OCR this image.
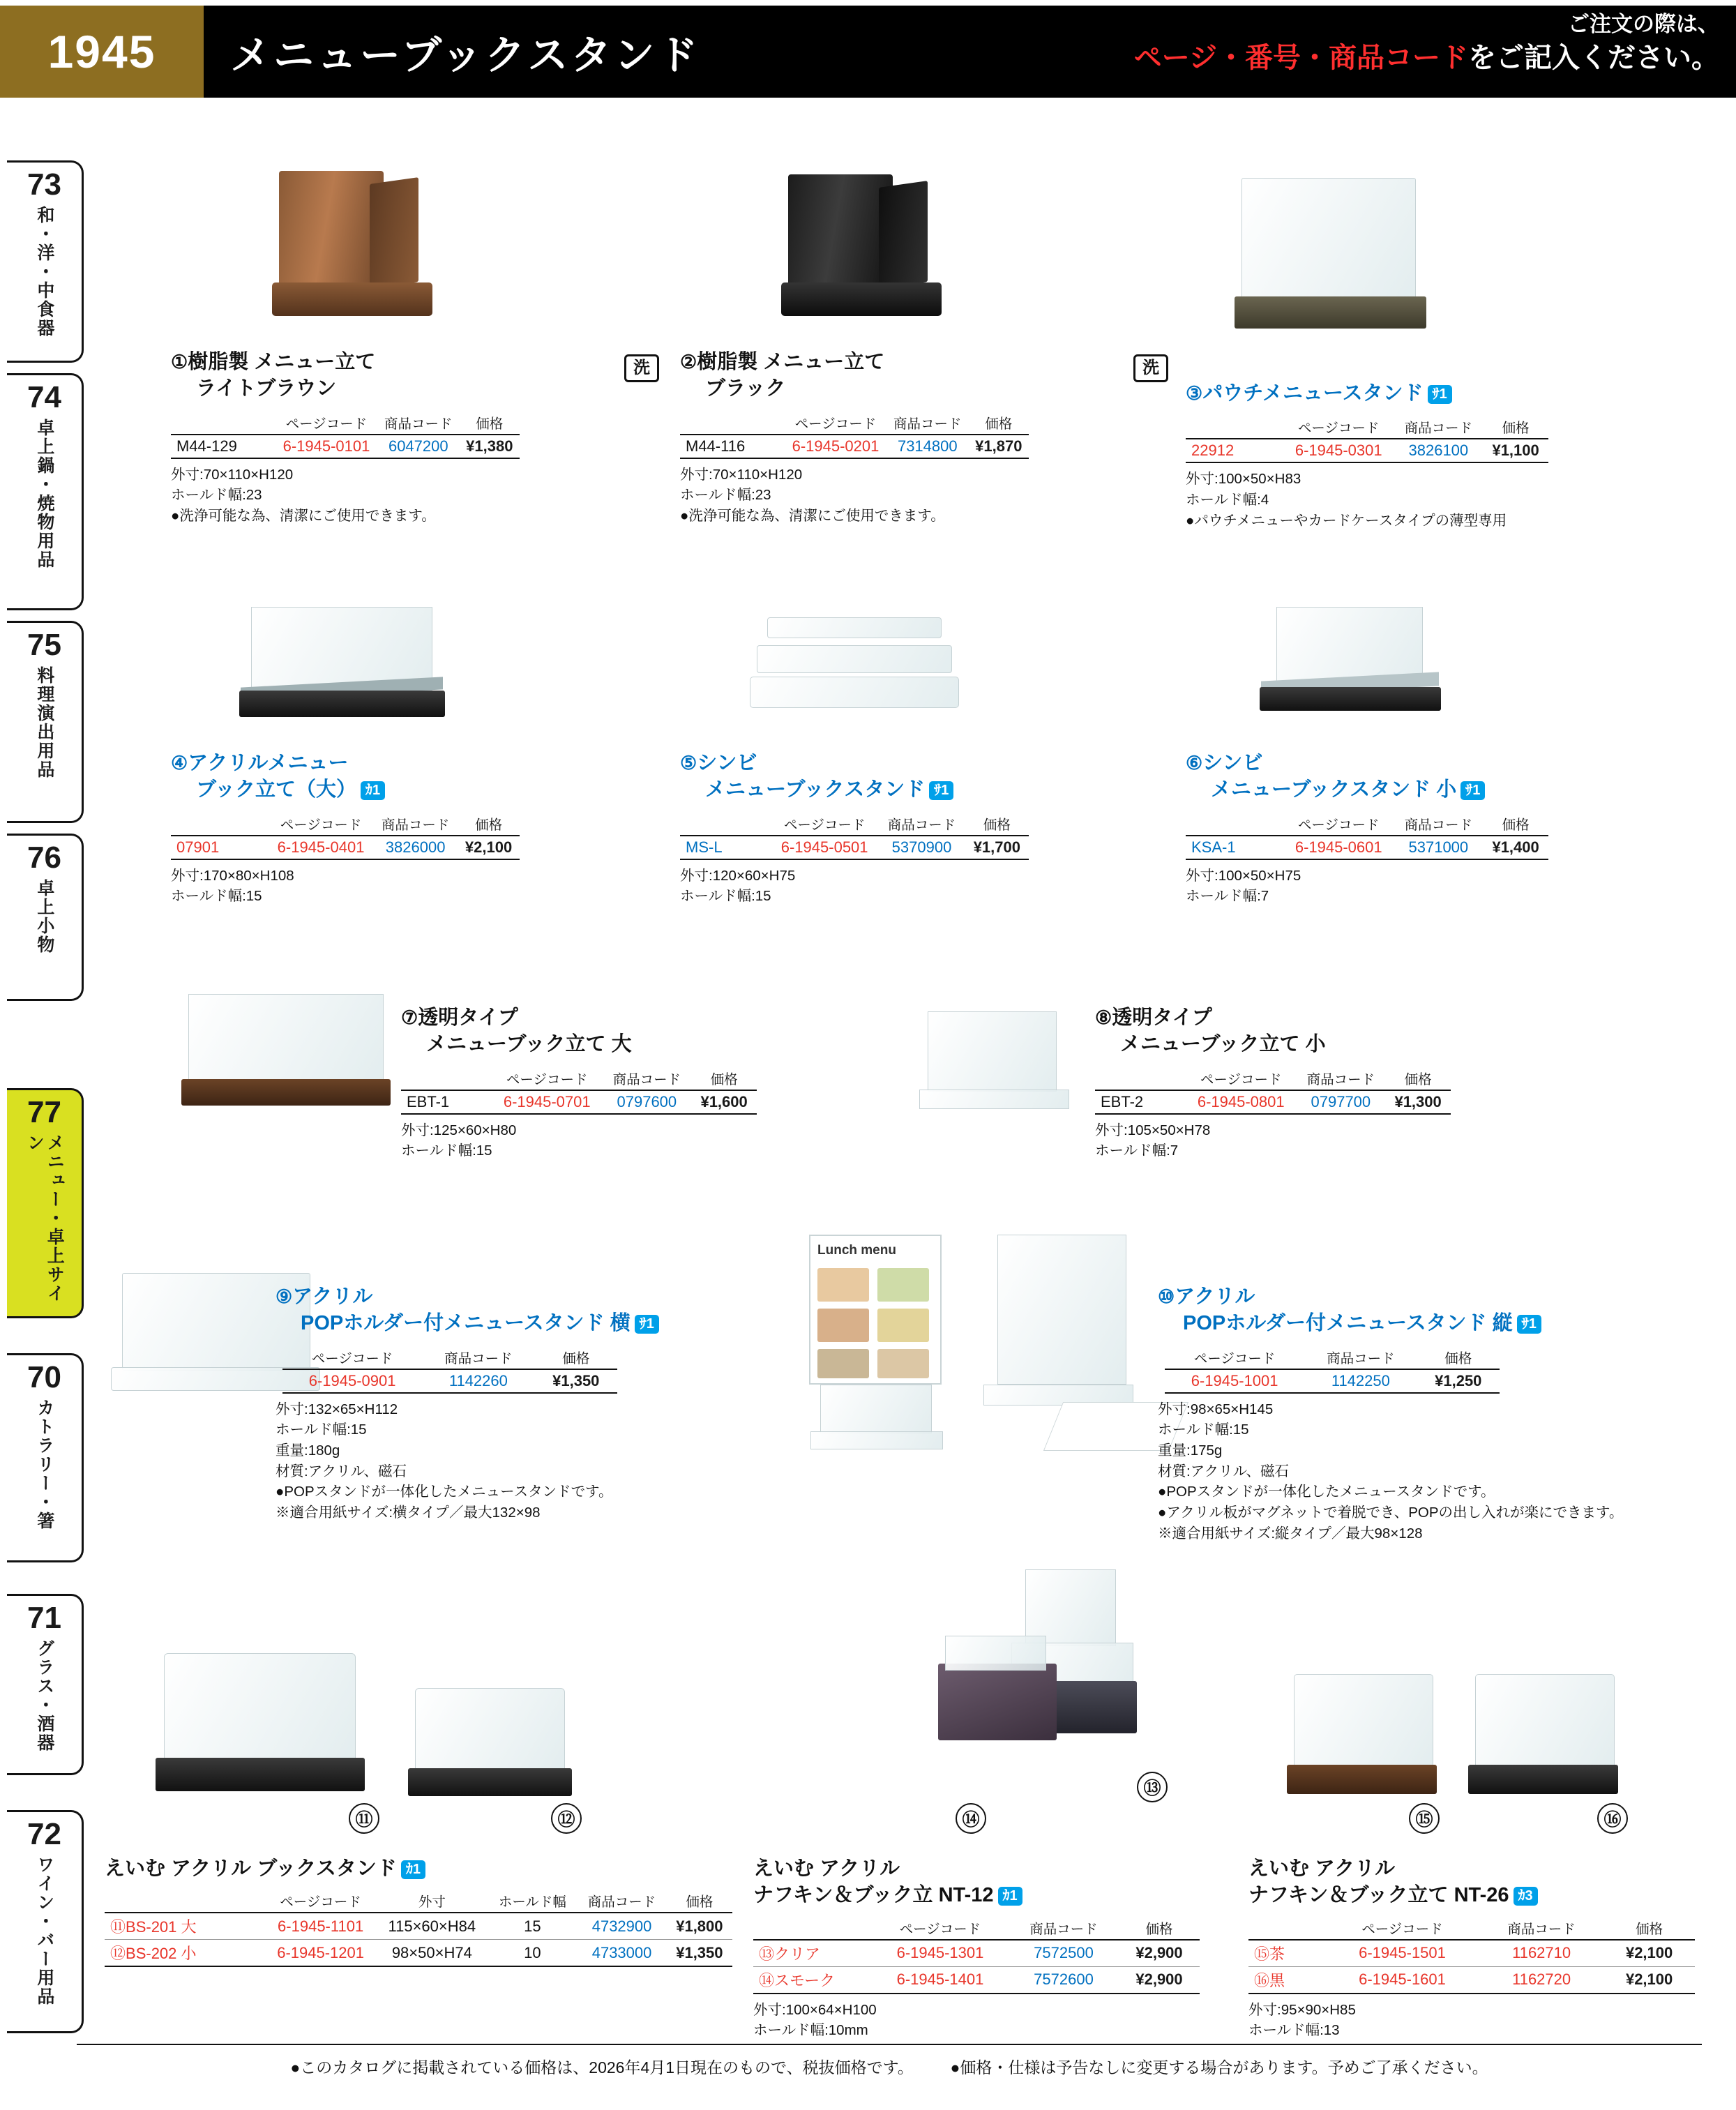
1945	メニューブックスタンド
ご注文の際は、
ページ・番号・商品コードをご記入ください。
73
和・洋・中食器
74
卓上鍋・焼物用品
75
料理演出用品
76
卓上小物
77
メニュー・卓上サイン
70
カトラリー・箸
71
グラス・酒器
72
ワイン・バー用品
①樹脂製 メニュー立て	洗
ライトブラウン
	ページコード	商品コード	価格
M44-129	6-1945-0101	6047200	¥1,380
外寸:70×110×H120
ホールド幅:23
●洗浄可能な為、清潔にご使用できます。
②樹脂製 メニュー立て	洗
ブラック
	ページコード	商品コード	価格
M44-116	6-1945-0201	7314800	¥1,870
外寸:70×110×H120
ホールド幅:23
●洗浄可能な為、清潔にご使用できます。
③パウチメニュースタンド ｻ1
	ページコード	商品コード	価格
22912	6-1945-0301	3826100	¥1,100
外寸:100×50×H83
ホールド幅:4
●パウチメニューやカードケースタイプの薄型専用
④アクリルメニュー
ブック立て（大） ｶ1
	ページコード	商品コード	価格
07901	6-1945-0401	3826000	¥2,100
外寸:170×80×H108
ホールド幅:15
⑤シンビ
メニューブックスタンド ｻ1
	ページコード	商品コード	価格
MS-L	6-1945-0501	5370900	¥1,700
外寸:120×60×H75
ホールド幅:15
⑥シンビ
メニューブックスタンド 小 ｻ1
	ページコード	商品コード	価格
KSA-1	6-1945-0601	5371000	¥1,400
外寸:100×50×H75
ホールド幅:7
⑦透明タイプ
メニューブック立て 大
	ページコード	商品コード	価格
EBT-1	6-1945-0701	0797600	¥1,600
外寸:125×60×H80
ホールド幅:15
⑧透明タイプ
メニューブック立て 小
	ページコード	商品コード	価格
EBT-2	6-1945-0801	0797700	¥1,300
外寸:105×50×H78
ホールド幅:7
⑨アクリル
POPホルダー付メニュースタンド 横 ｻ1
ページコード	商品コード	価格
6-1945-0901	1142260	¥1,350
外寸:132×65×H112
ホールド幅:15
重量:180g
材質:アクリル、磁石
●POPスタンドが一体化したメニュースタンドです。
※適合用紙サイズ:横タイプ／最大132×98
Lunch menu
⑩アクリル
POPホルダー付メニュースタンド 縦 ｻ1
ページコード	商品コード	価格
6-1945-1001	1142250	¥1,250
外寸:98×65×H145
ホールド幅:15
重量:175g
材質:アクリル、磁石
●POPスタンドが一体化したメニュースタンドです。
●アクリル板がマグネットで着脱でき、POPの出し入れが楽にできます。
※適合用紙サイズ:縦タイプ／最大98×128
⑪	⑫
えいむ アクリル ブックスタンド ｶ1
	ページコード	外寸	ホールド幅	商品コード	価格
⑪BS-201 大	6-1945-1101	115×60×H84	15	4732900	¥1,800
⑫BS-202 小	6-1945-1201	98×50×H74	10	4733000	¥1,350
⑬
⑭
えいむ アクリル
ナフキン＆ブック立 NT-12 ｶ1
	ページコード	商品コード	価格
⑬クリア	6-1945-1301	7572500	¥2,900
⑭スモーク	6-1945-1401	7572600	¥2,900
外寸:100×64×H100
ホールド幅:10mm
⑮	⑯
えいむ アクリル
ナフキン＆ブック立て NT-26 ｶ3
	ページコード	商品コード	価格
⑮茶	6-1945-1501	1162710	¥2,100
⑯黒	6-1945-1601	1162720	¥2,100
外寸:95×90×H85
ホールド幅:13
●このカタログに掲載されている価格は、2026年4月1日現在のもので、税抜価格です。 ●価格・仕様は予告なしに変更する場合があります。予めご了承ください。
